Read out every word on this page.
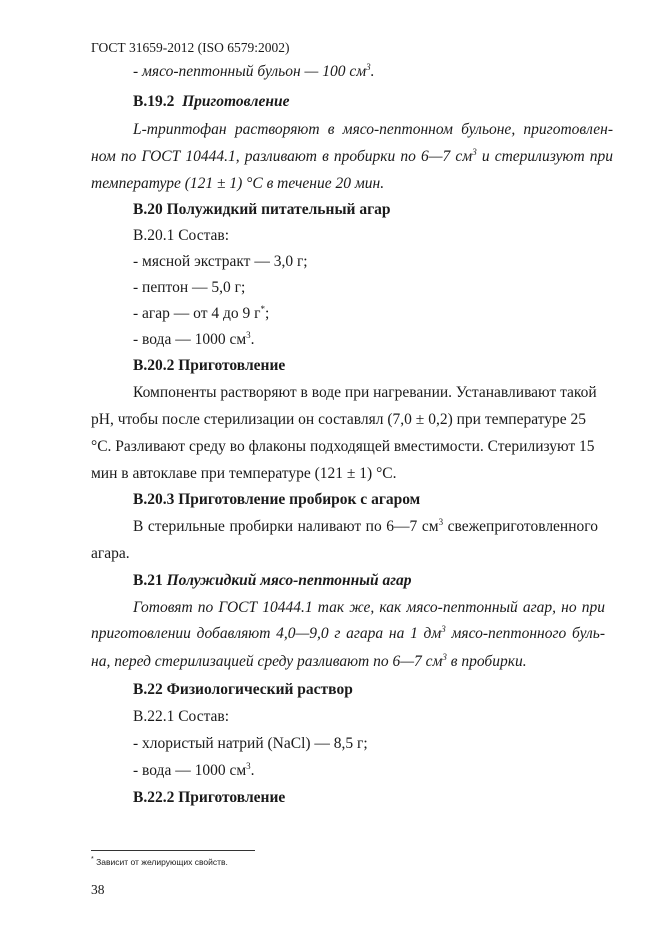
ГОСТ 31659-2012 (ISO 6579:2002)
- мясо-пептонный бульон — 100 $см^3$.
B.19.2 Приготовление
L-триптофан растворяют в мясо-пептонном бульоне, приготовлен-
ном по ГОСТ 10444.1, разливают в пробирки по 6—7 $см^3$ и стерилизуют при
температуре (121 ± 1) °С в течение 20 мин.
B.20 Полужидкий питательный агар
B.20.1 Состав:
- мясной экстракт — 3,0 г;
- пептон — 5,0 г;
- агар — от 4 до 9 г*;
- вода — 1000 $см^3$.
B.20.2 Приготовление
Компоненты растворяют в воде при нагревании. Устанавливают такой
pH, чтобы после стерилизации он составлял (7,0 ± 0,2) при температуре 25
°С. Разливают среду во флаконы подходящей вместимости. Стерилизуют 15
мин в автоклаве при температуре (121 ± 1) °С.
B.20.3 Приготовление пробирок с агаром
В стерильные пробирки наливают по 6—7 $см^3$ свежеприготовленного
агара.
B.21 Полужидкий мясо-пептонный агар
Готовят по ГОСТ 10444.1 так же, как мясо-пептонный агар, но при
приготовлении добавляют 4,0—9,0 г агара на 1 $дм^3$ мясо-пептонного буль-
на, перед стерилизацией среду разливают по 6—7 $см^3$ в пробирки.
B.22 Физиологический раствор
B.22.1 Состав:
- хлористый натрий (NaCl) — 8,5 г;
- вода — 1000 $см^3$.
B.22.2 Приготовление
* Зависит от желирующих свойств.
38
